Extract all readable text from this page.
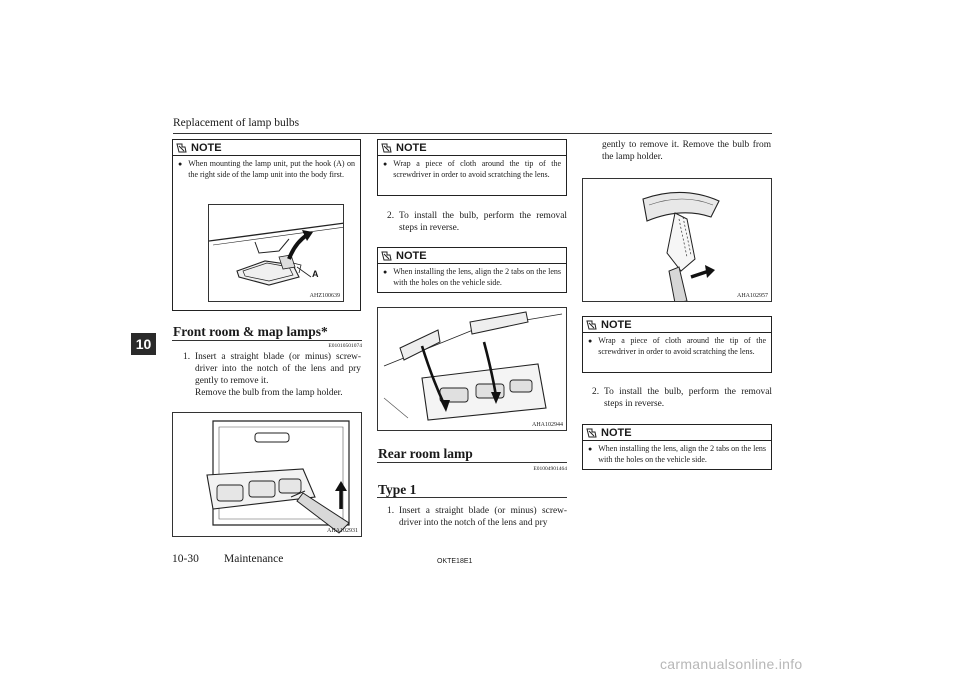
Replacement of lamp bulbs
10
NOTE
● When mounting the lamp unit, put the hook (A) on the right side of the lamp unit into the body first.
A
AHZ100639
Front room & map lamps*
E01010501074
1. Insert a straight blade (or minus) screw-driver into the notch of the lens and pry gently to remove it.
Remove the bulb from the lamp holder.
AHA102931
NOTE
● Wrap a piece of cloth around the tip of the screwdriver in order to avoid scratching the lens.
2. To install the bulb, perform the removal steps in reverse.
NOTE
● When installing the lens, align the 2 tabs on the lens with the holes on the vehicle side.
AHA102944
Rear room lamp
E01004901464
Type 1
1. Insert a straight blade (or minus) screw-driver into the notch of the lens and pry
gently to remove it. Remove the bulb from the lamp holder.
AHA102957
NOTE
● Wrap a piece of cloth around the tip of the screwdriver in order to avoid scratching the lens.
2. To install the bulb, perform the removal steps in reverse.
NOTE
● When installing the lens, align the 2 tabs on the lens with the holes on the vehicle side.
10-30 Maintenance	OKTE18E1
carmanualsonline.info
